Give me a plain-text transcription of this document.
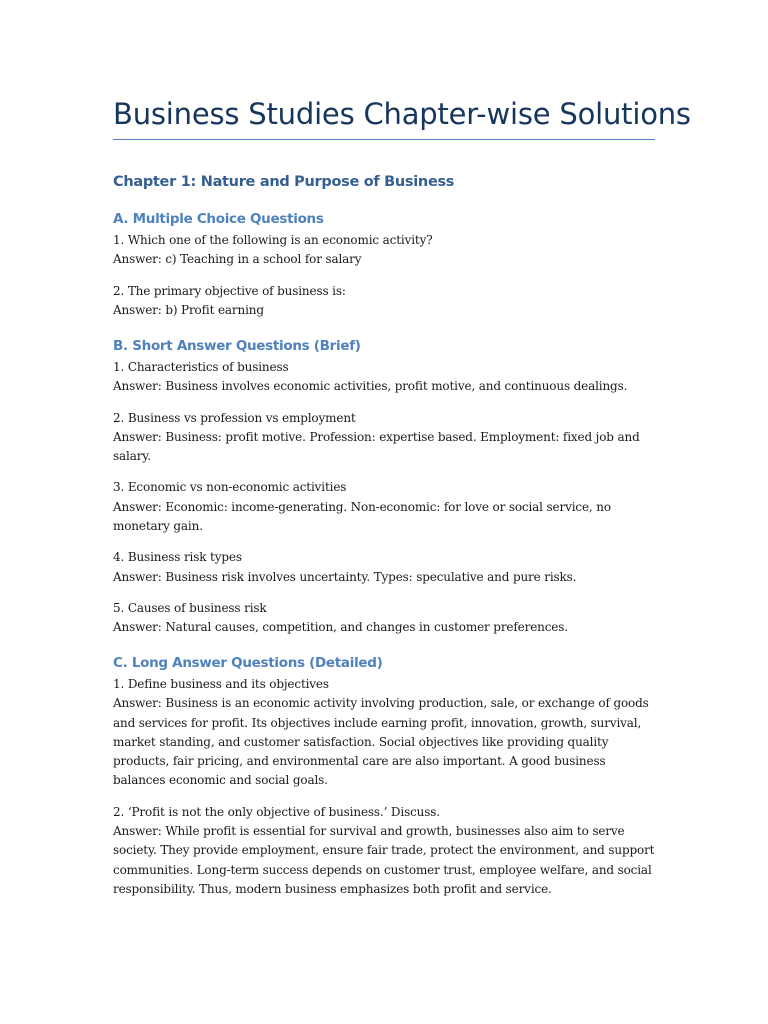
Business Studies Chapter-wise Solutions
Chapter 1: Nature and Purpose of Business
A. Multiple Choice Questions

1. Which one of the following is an economic activity?

Answer: c) Teaching in a school for salary

2. The primary objective of business is:

Answer: b) Profit earning

B. Short Answer Questions (Brief)

1. Characteristics of business

Answer: Business involves economic activities, profit motive, and continuous dealings.

2. Business vs profession vs employment

Answer: Business: profit motive. Profession: expertise based. Employment: fixed job and salary.

3. Economic vs non-economic activities

Answer: Economic: income-generating. Non-economic: for love or social service, no monetary gain.

4. Business risk types

Answer: Business risk involves uncertainty. Types: speculative and pure risks.

5. Causes of business risk

Answer: Natural causes, competition, and changes in customer preferences.

C. Long Answer Questions (Detailed)

1. Define business and its objectives

Answer: Business is an economic activity involving production, sale, or exchange of goods and services for profit. Its objectives include earning profit, innovation, growth, survival, market standing, and customer satisfaction. Social objectives like providing quality products, fair pricing, and environmental care are also important. A good business balances economic and social goals.

2. ‘Profit is not the only objective of business.’ Discuss.

Answer: While profit is essential for survival and growth, businesses also aim to serve society. They provide employment, ensure fair trade, protect the environment, and support communities. Long-term success depends on customer trust, employee welfare, and social responsibility. Thus, modern business emphasizes both profit and service.
